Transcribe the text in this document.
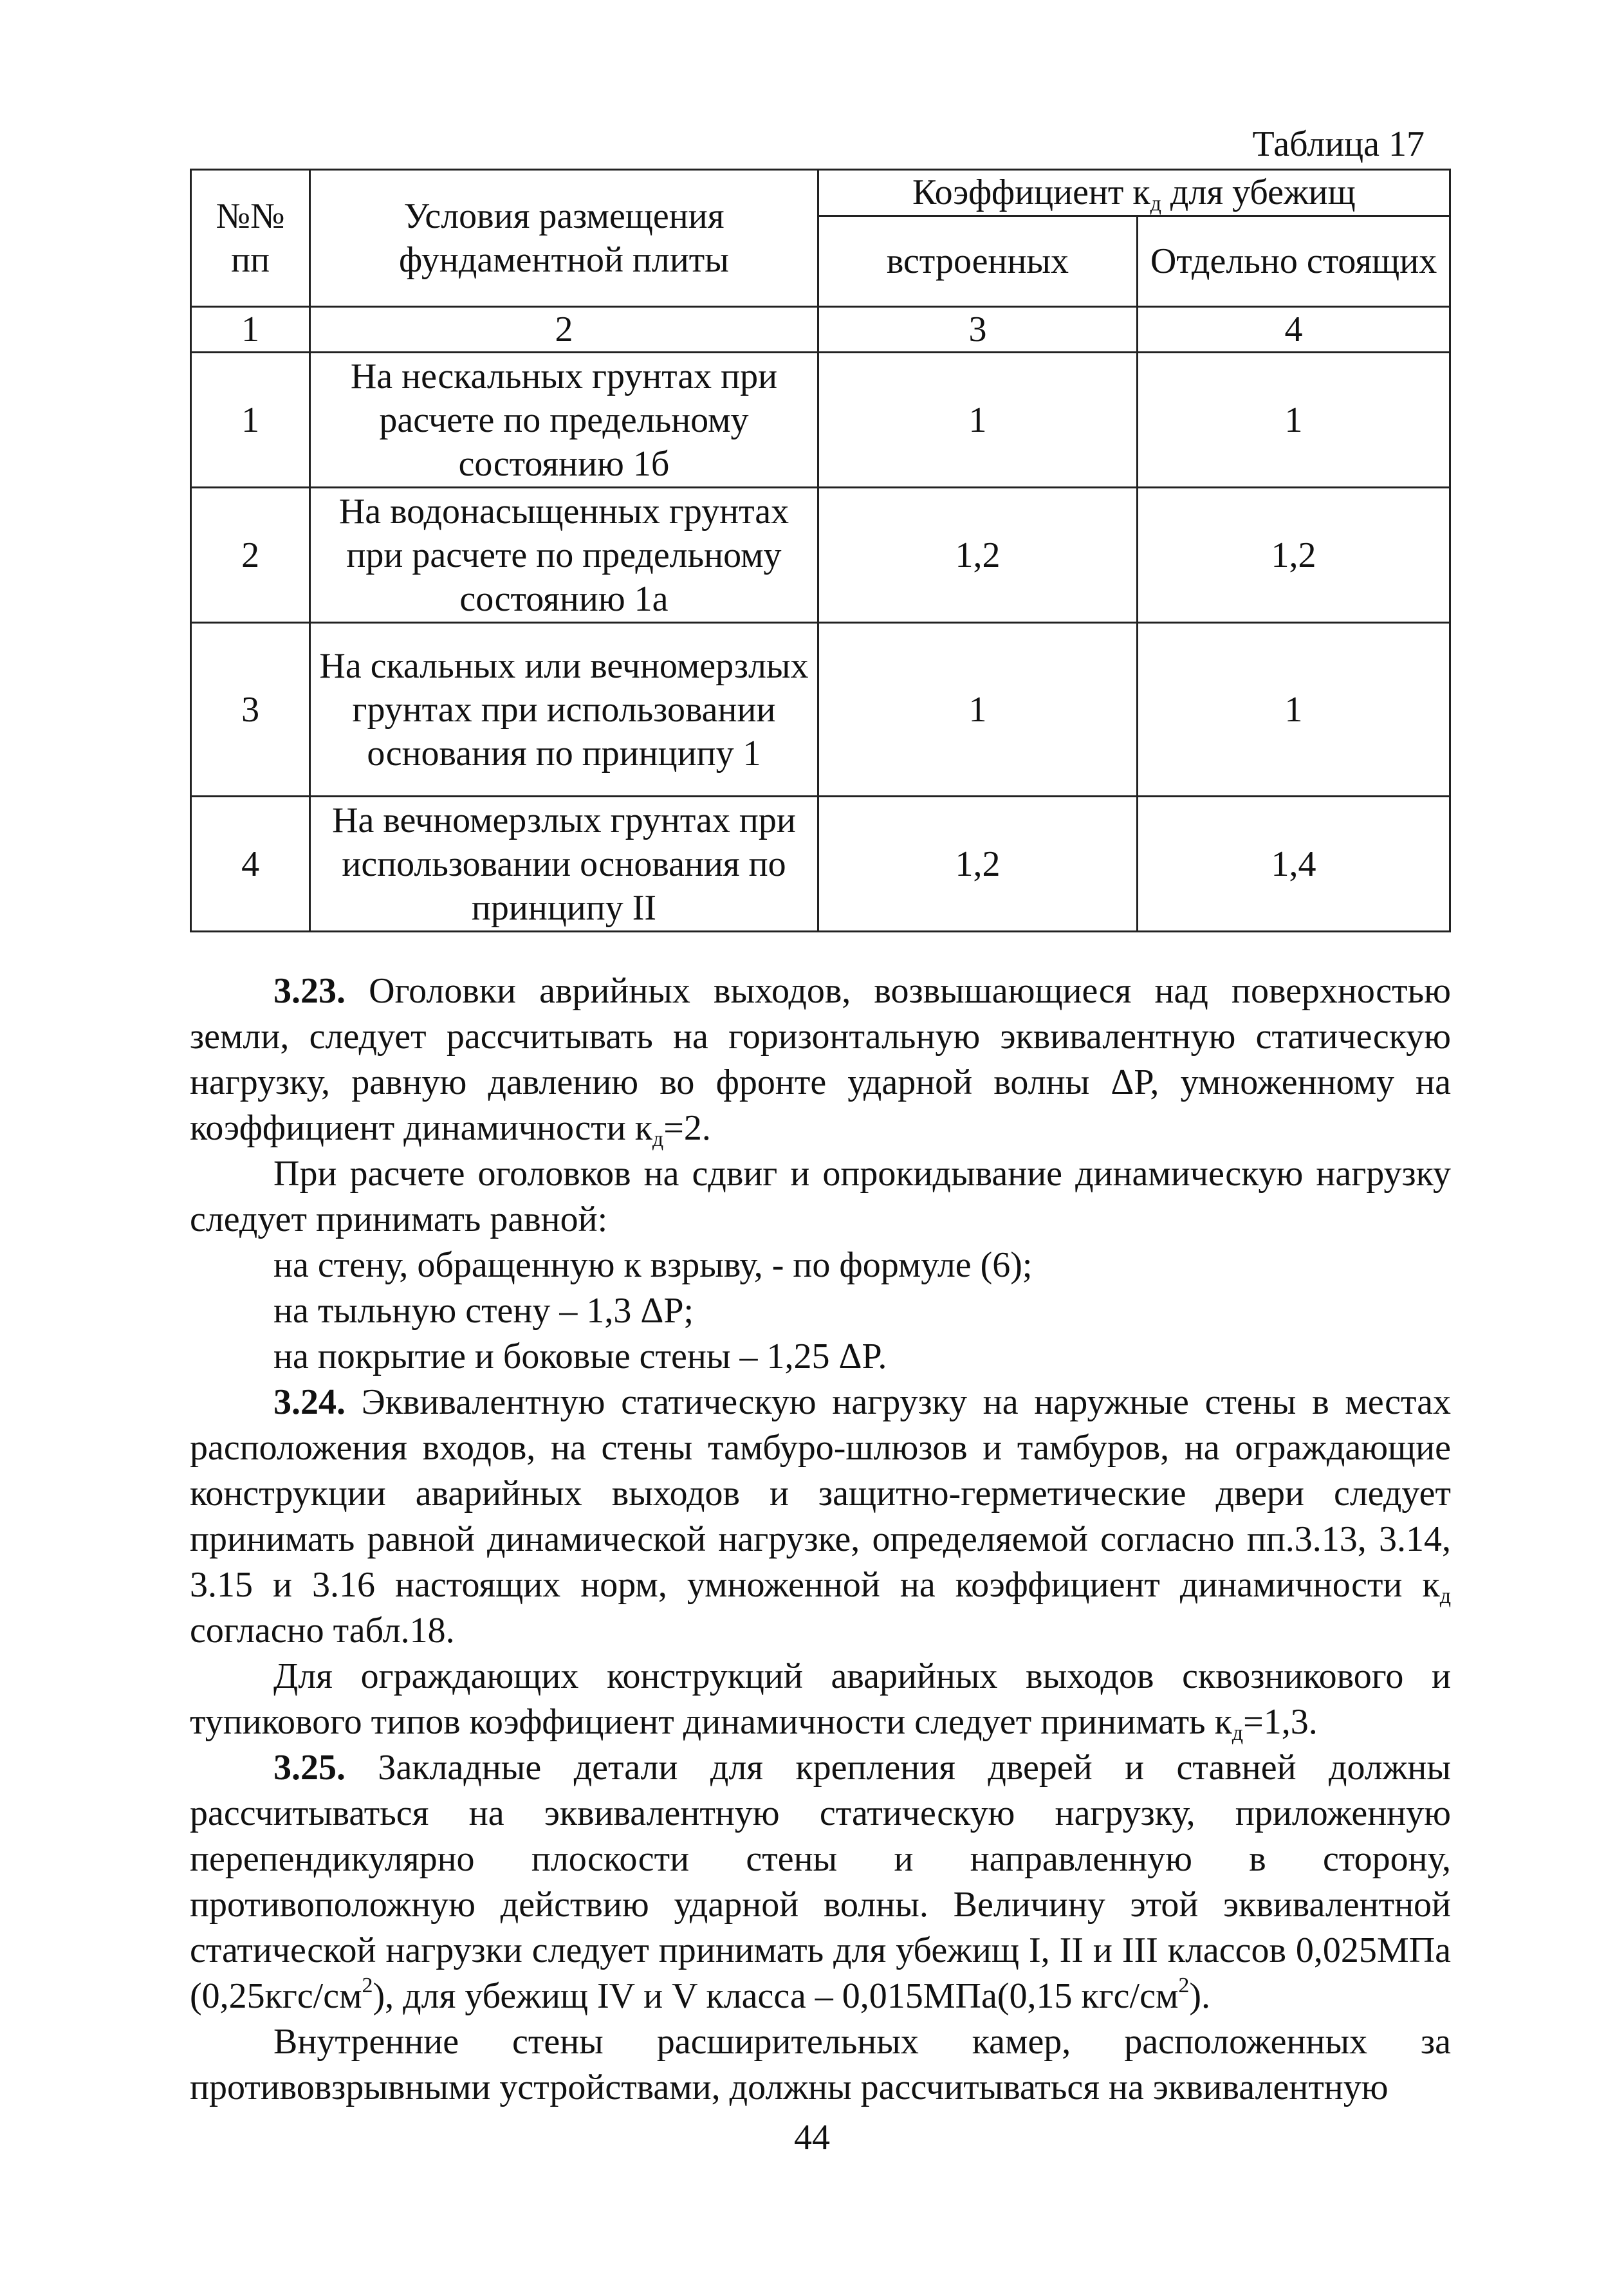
Таблица 17
№№ пп	Условия размещения фундаментной плиты	Коэффициент $к_д$ для убежищ	
		встроенных	Отдельно стоящих
1	2	3	4
1	На нескальных грунтах при расчете по предельному состоянию 1б	1	1
2	На водонасыщенных грунтах при расчете по предельному состоянию 1а	1,2	1,2
3	На скальных или вечномерзлых грунтах при использовании основания по принципу 1	1	1
4	На вечномерзлых грунтах при использовании основания по принципу II	1,2	1,4

3.23. Оголовки аврийных выходов, возвышающиеся над поверхностью земли, следует рассчитывать на горизонтальную эквивалентную статическую нагрузку, равную давлению во фронте ударной волны ΔP, умноженному на коэффициент динамичности $к_д=2$.

При расчете оголовков на сдвиг и опрокидывание динамическую нагрузку следует принимать равной:

на стену, обращенную к взрыву, - по формуле (6);

на тыльную стену – 1,3 ΔP;

на покрытие и боковые стены – 1,25 ΔP.

3.24. Эквивалентную статическую нагрузку на наружные стены в местах расположения входов, на стены тамбуро-шлюзов и тамбуров, на ограждающие конструкции аварийных выходов и защитно-герметические двери следует принимать равной динамической нагрузке, определяемой согласно пп.3.13, 3.14, 3.15 и 3.16 настоящих норм, умноженной на коэффициент динамичности $к_д$ согласно табл.18.

Для ограждающих конструкций аварийных выходов сквозникового и тупикового типов коэффициент динамичности следует принимать $к_д=1,3$.

3.25. Закладные детали для крепления дверей и ставней должны рассчитываться на эквивалентную статическую нагрузку, приложенную перепендикулярно плоскости стены и направленную в сторону, противоположную действию ударной волны. Величину этой эквивалентной статической нагрузки следует принимать для убежищ I, II и III классов 0,025МПа $(0,25кгс/см^2)$, для убежищ IV и V класса – 0,015МПа(0,15 кгс/$см^2$).

Внутренние стены расширительных камер, расположенных за противовзрывными устройствами, должны рассчитываться на эквивалентную

44
